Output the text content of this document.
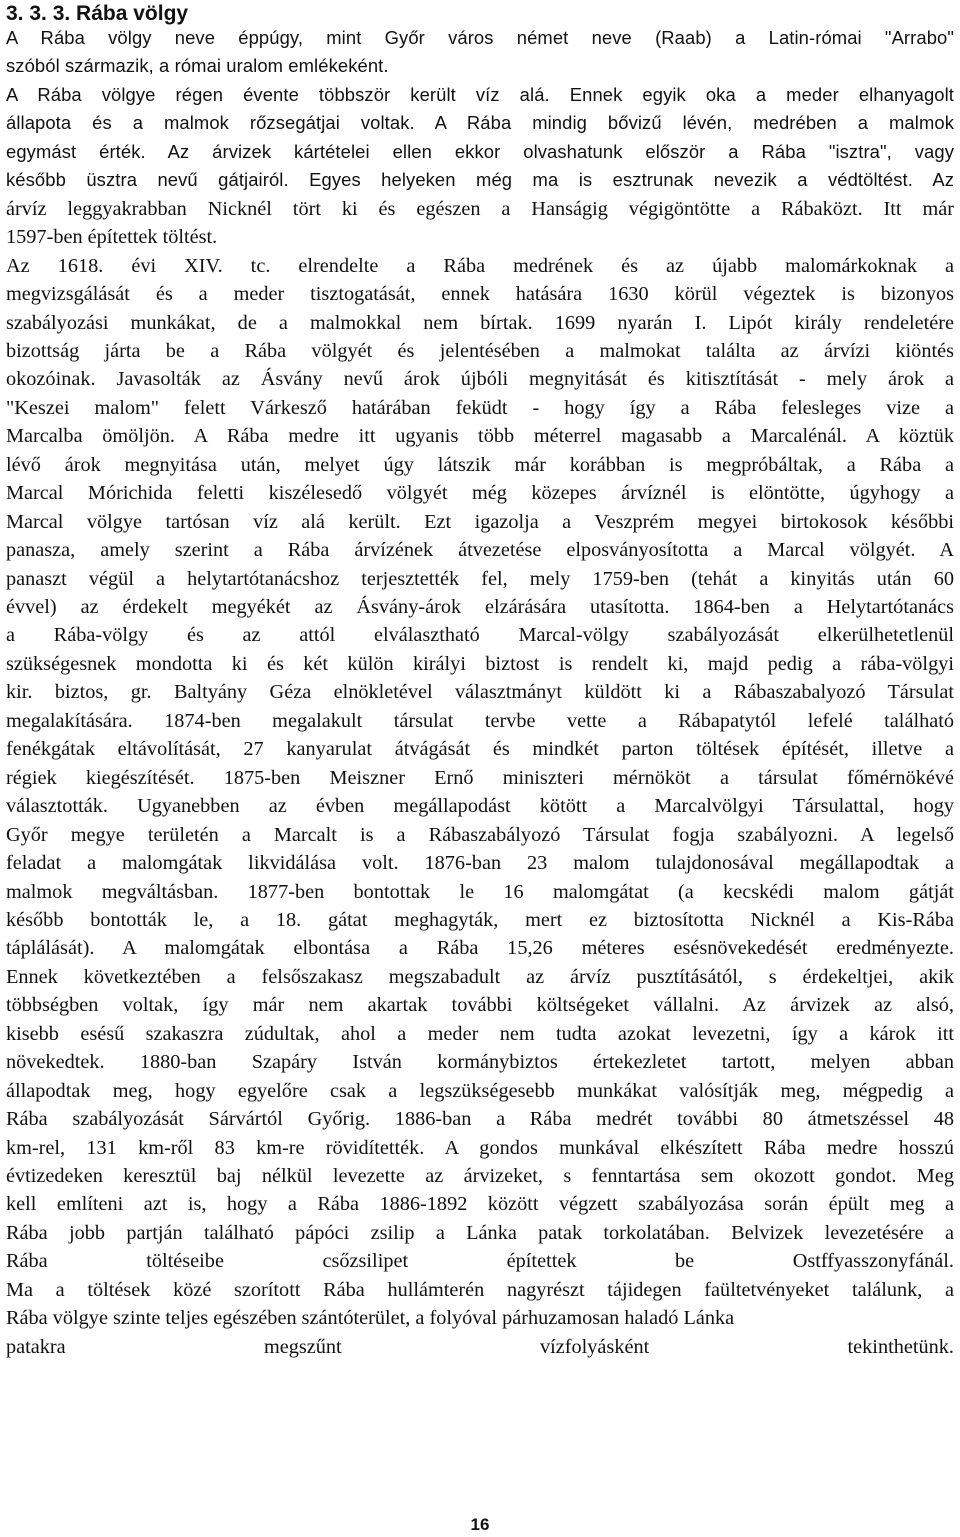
3. 3. 3. Rába völgy

A Rába völgy neve éppúgy, mint Győr város német neve (Raab) a Latin-római "Arrabo"

szóból származik, a római uralom emlékeként.

A Rába völgye régen évente többször került víz alá. Ennek egyik oka a meder elhanyagolt

állapota és a malmok rőzsegátjai voltak. A Rába mindig bővizű lévén, medrében a malmok

egymást érték. Az árvizek kártételei ellen ekkor olvashatunk először a Rába "isztra", vagy

később üsztra nevű gátjairól. Egyes helyeken még ma is esztrunak nevezik a védtöltést. Az

árvíz leggyakrabban Nicknél tört ki és egészen a Hanságig végigöntötte a Rábaközt. Itt már

1597-ben építettek töltést.

Az 1618. évi XIV. tc. elrendelte a Rába medrének és az újabb malomárkoknak a

megvizsgálását és a meder tisztogatását, ennek hatására 1630 körül végeztek is bizonyos

szabályozási munkákat, de a malmokkal nem bírtak. 1699 nyarán I. Lipót király rendeletére

bizottság járta be a Rába völgyét és jelentésében a malmokat találta az árvízi kiöntés

okozóinak. Javasolták az Ásvány nevű árok újbóli megnyitását és kitisztítását - mely árok a

"Keszei malom" felett Várkesző határában feküdt - hogy így a Rába felesleges vize a

Marcalba ömöljön. A Rába medre itt ugyanis több méterrel magasabb a Marcalénál. A köztük

lévő árok megnyitása után, melyet úgy látszik már korábban is megpróbáltak, a Rába a

Marcal Mórichida feletti kiszélesedő völgyét még közepes árvíznél is elöntötte, úgyhogy a

Marcal völgye tartósan víz alá került. Ezt igazolja a Veszprém megyei birtokosok későbbi

panasza, amely szerint a Rába árvízének átvezetése elposványosította a Marcal völgyét. A

panaszt végül a helytartótanácshoz terjesztették fel, mely 1759-ben (tehát a kinyitás után 60

évvel) az érdekelt megyékét az Ásvány-árok elzárására utasította. 1864-ben a Helytartótanács

a Rába-völgy és az attól elválasztható Marcal-völgy szabályozását elkerülhetetlenül

szükségesnek mondotta ki és két külön királyi biztost is rendelt ki, majd pedig a rába-völgyi

kir. biztos, gr. Baltyány Géza elnökletével választmányt küldött ki a Rábaszabalyozó Társulat

megalakítására. 1874-ben megalakult társulat tervbe vette a Rábapatytól lefelé található

fenékgátak eltávolítását, 27 kanyarulat átvágását és mindkét parton töltések építését, illetve a

régiek kiegészítését. 1875-ben Meiszner Ernő miniszteri mérnököt a társulat főmérnökévé

választották. Ugyanebben az évben megállapodást kötött a Marcalvölgyi Társulattal, hogy

Győr megye területén a Marcalt is a Rábaszabályozó Társulat fogja szabályozni. A legelső

feladat a malomgátak likvidálása volt. 1876-ban 23 malom tulajdonosával megállapodtak a

malmok megváltásban. 1877-ben bontottak le 16 malomgátat (a kecskédi malom gátját

később bontották le, a 18. gátat meghagyták, mert ez biztosította Nicknél a Kis-Rába

táplálását). A malomgátak elbontása a Rába 15,26 méteres esésnövekedését eredményezte.

Ennek következtében a felsőszakasz megszabadult az árvíz pusztításától, s érdekeltjei, akik

többségben voltak, így már nem akartak további költségeket vállalni. Az árvizek az alsó,

kisebb esésű szakaszra zúdultak, ahol a meder nem tudta azokat levezetni, így a károk itt

növekedtek. 1880-ban Szapáry István kormánybiztos értekezletet tartott, melyen abban

állapodtak meg, hogy egyelőre csak a legszükségesebb munkákat valósítják meg, mégpedig a

Rába szabályozását Sárvártól Győrig. 1886-ban a Rába medrét további 80 átmetszéssel 48

km-rel, 131 km-ről 83 km-re rövidítették. A gondos munkával elkészített Rába medre hosszú

évtizedeken keresztül baj nélkül levezette az árvizeket, s fenntartása sem okozott gondot. Meg

kell említeni azt is, hogy a Rába 1886-1892 között végzett szabályozása során épült meg a

Rába jobb partján található pápóci zsilip a Lánka patak torkolatában. Belvizek levezetésére a

Rába töltéseibe csőzsilipet építettek be Ostffyasszonyfánál.

Ma a töltések közé szorított Rába hullámterén nagyrészt tájidegen faültetvényeket találunk, a

Rába völgye szinte teljes egészében szántóterület, a folyóval párhuzamosan haladó Lánka

patakra megszűnt vízfolyásként tekinthetünk.

16
